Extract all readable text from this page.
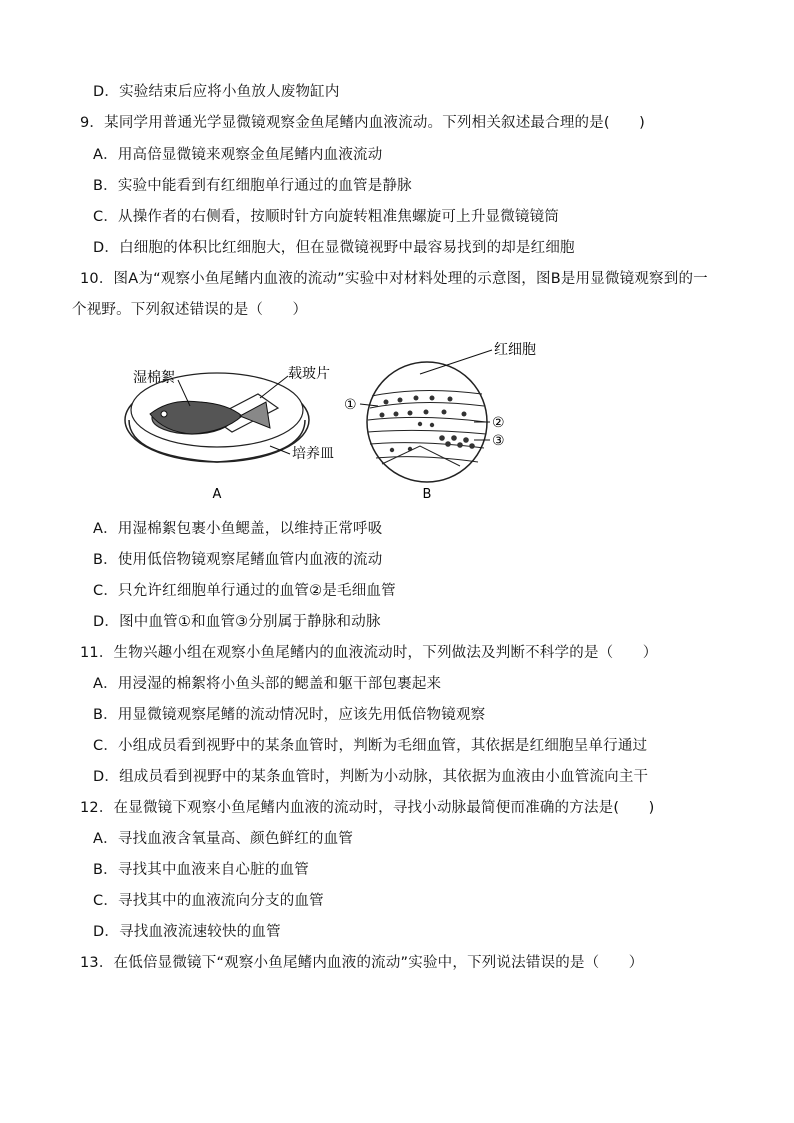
D．实验结束后应将小鱼放人废物缸内
9．某同学用普通光学显微镜观察金鱼尾鳍内血液流动。下列相关叙述最合理的是(　　)
A．用高倍显微镜来观察金鱼尾鳍内血液流动
B．实验中能看到有红细胞单行通过的血管是静脉
C．从操作者的右侧看，按顺时针方向旋转粗准焦螺旋可上升显微镜镜筒
D．白细胞的体积比红细胞大，但在显微镜视野中最容易找到的却是红细胞
10．图A为“观察小鱼尾鳍内血液的流动”实验中对材料处理的示意图，图B是用显微镜观察到的一
个视野。下列叙述错误的是（　　）
湿棉絮	载玻片
培养皿
A
红细胞
①
②
③
B
A．用湿棉絮包裹小鱼鳃盖，以维持正常呼吸
B．使用低倍物镜观察尾鳍血管内血液的流动
C．只允许红细胞单行通过的血管②是毛细血管
D．图中血管①和血管③分别属于静脉和动脉
11．生物兴趣小组在观察小鱼尾鳍内的血液流动时，下列做法及判断不科学的是（　　）
A．用浸湿的棉絮将小鱼头部的鳃盖和躯干部包裹起来
B．用显微镜观察尾鳍的流动情况时，应该先用低倍物镜观察
C．小组成员看到视野中的某条血管时，判断为毛细血管，其依据是红细胞呈单行通过
D．组成员看到视野中的某条血管时，判断为小动脉，其依据为血液由小血管流向主干
12．在显微镜下观察小鱼尾鳍内血液的流动时，寻找小动脉最简便而准确的方法是(　　)
A．寻找血液含氧量高、颜色鲜红的血管
B．寻找其中血液来自心脏的血管
C．寻找其中的血液流向分支的血管
D．寻找血液流速较快的血管
13．在低倍显微镜下“观察小鱼尾鳍内血液的流动”实验中，下列说法错误的是（　　）
